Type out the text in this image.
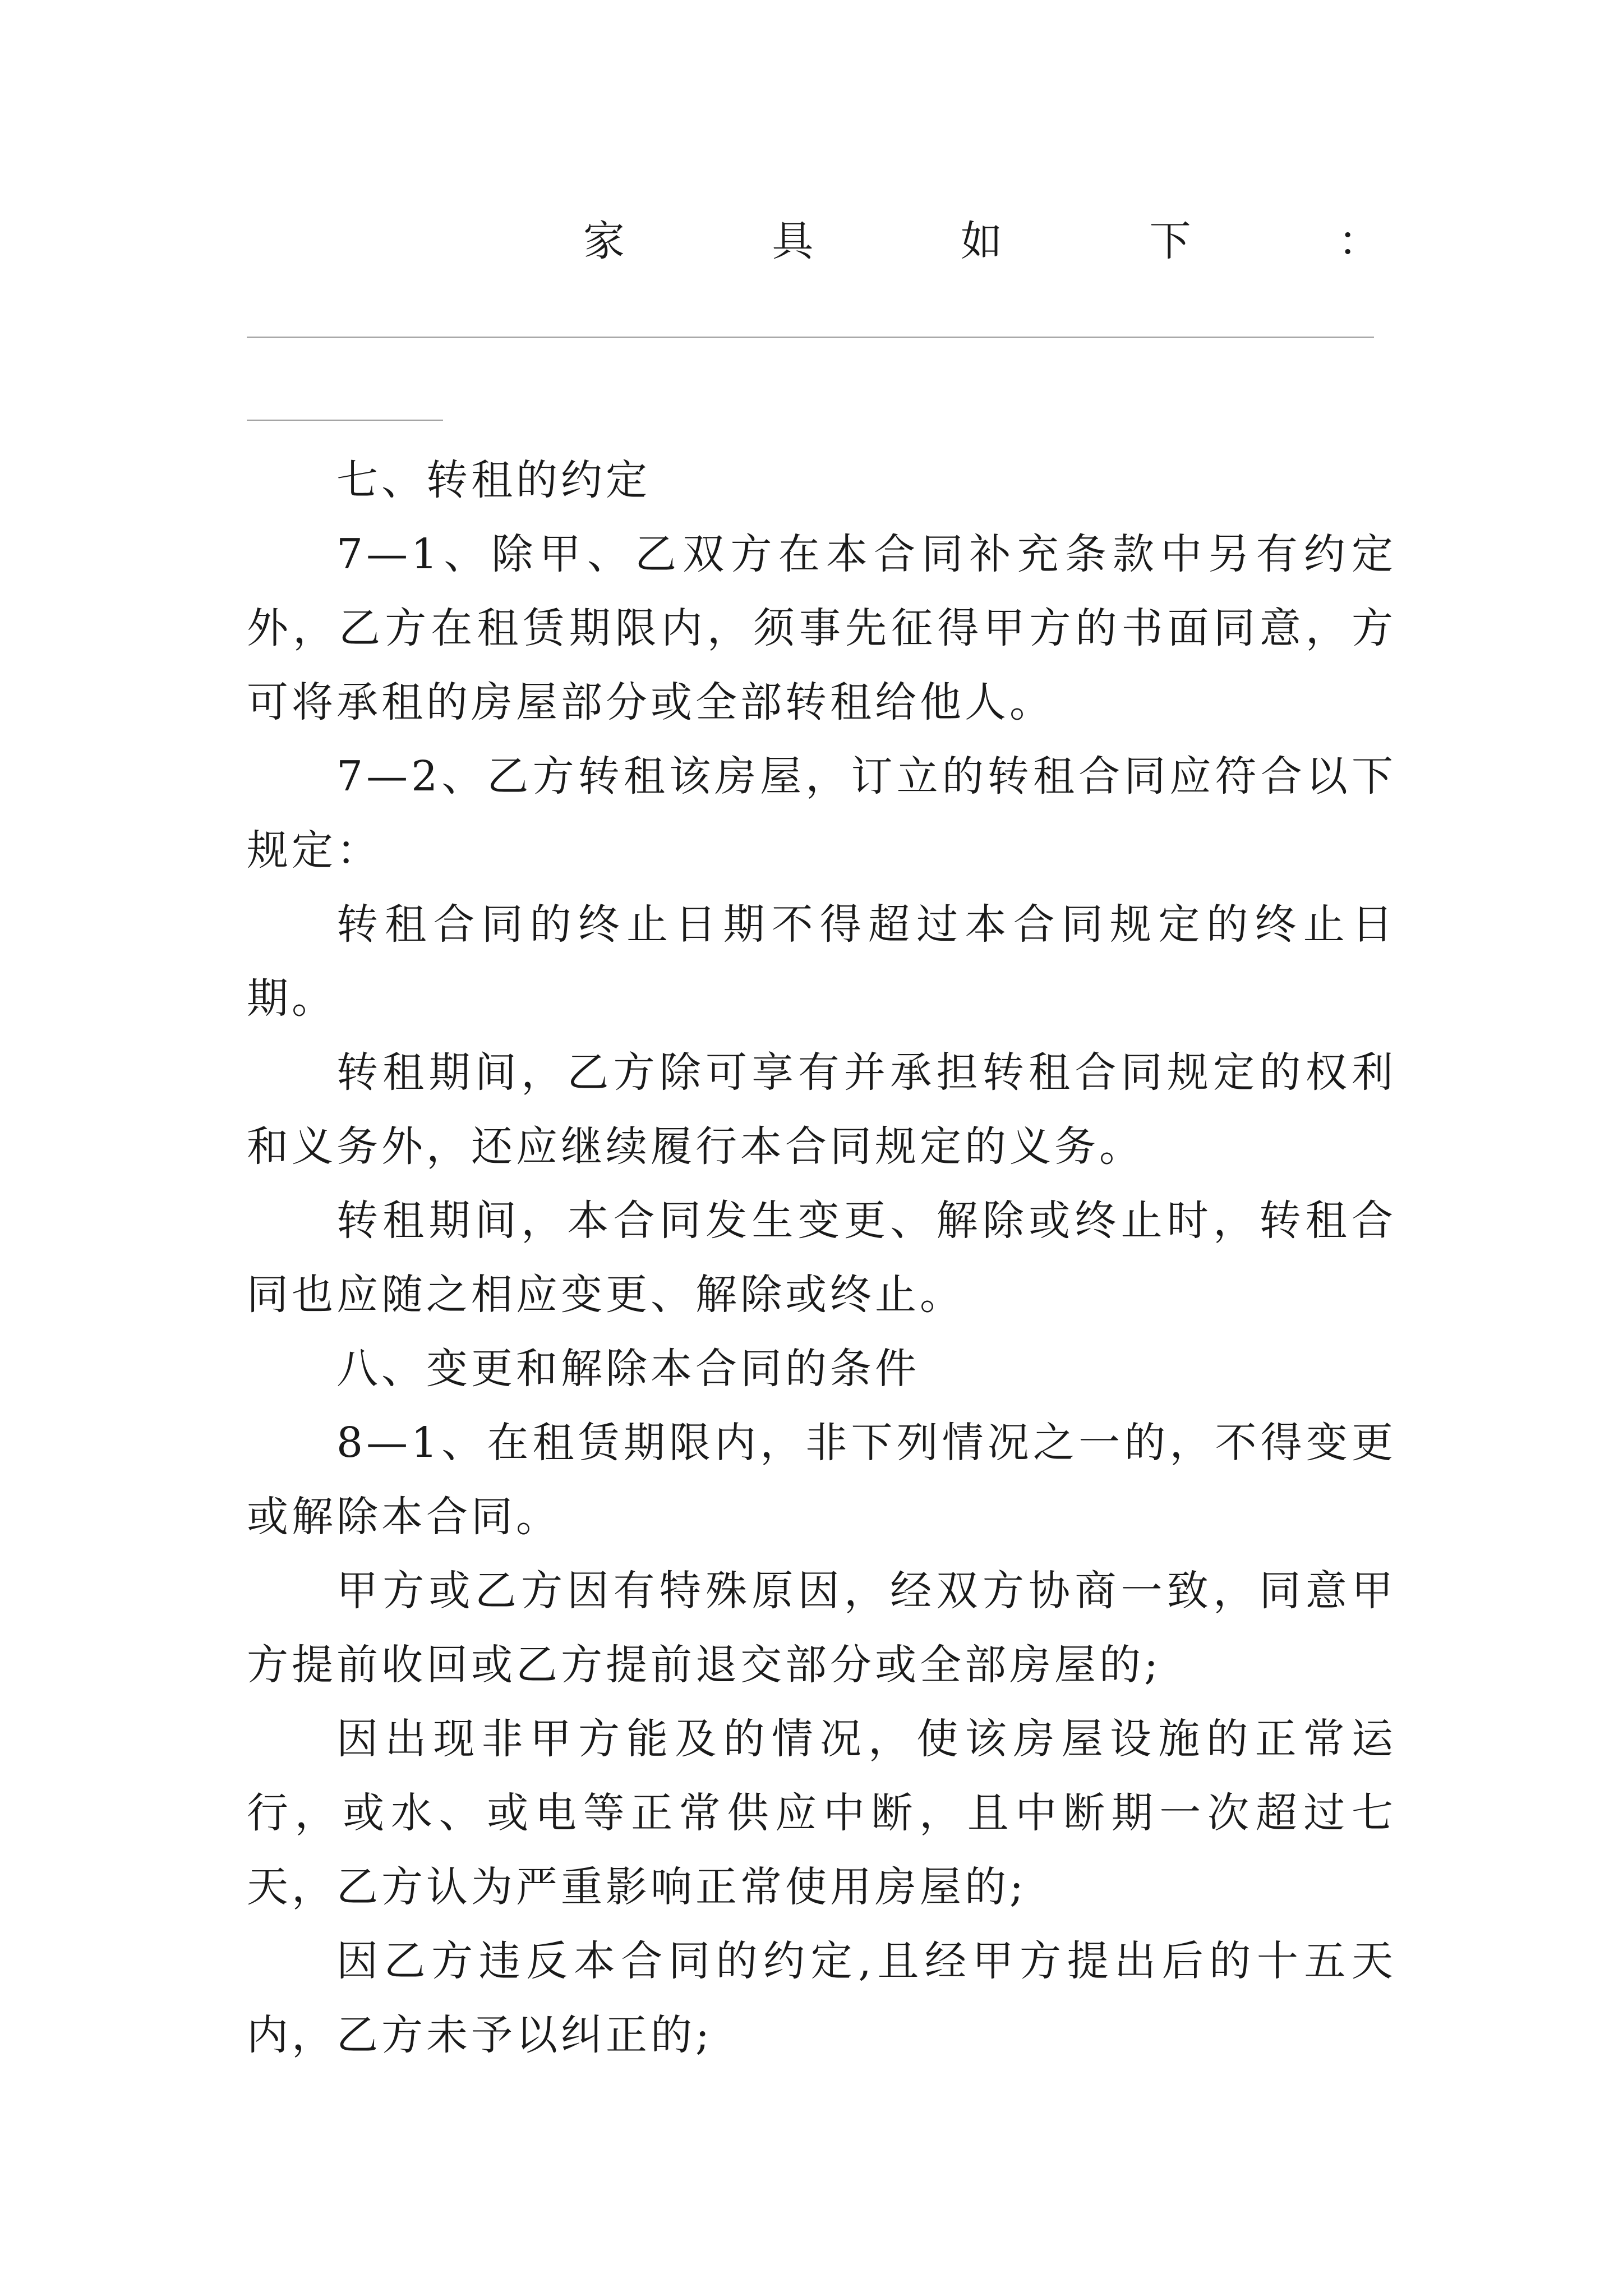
家	具	如	下	：

七、转租的约定

7—1、除甲、乙双方在本合同补充条款中另有约定外，乙方在租赁期限内，须事先征得甲方的书面同意，方可将承租的房屋部分或全部转租给他人。

7—2、乙方转租该房屋，订立的转租合同应符合以下规定：

转租合同的终止日期不得超过本合同规定的终止日期。

转租期间，乙方除可享有并承担转租合同规定的权利和义务外，还应继续履行本合同规定的义务。

转租期间，本合同发生变更、解除或终止时，转租合同也应随之相应变更、解除或终止。

八、变更和解除本合同的条件

8—1、在租赁期限内，非下列情况之一的，不得变更或解除本合同。

甲方或乙方因有特殊原因，经双方协商一致，同意甲方提前收回或乙方提前退交部分或全部房屋的;

因出现非甲方能及的情况，使该房屋设施的正常运行，或水、或电等正常供应中断，且中断期一次超过七天，乙方认为严重影响正常使用房屋的;

因乙方违反本合同的约定,且经甲方提出后的十五天内，乙方未予以纠正的;
